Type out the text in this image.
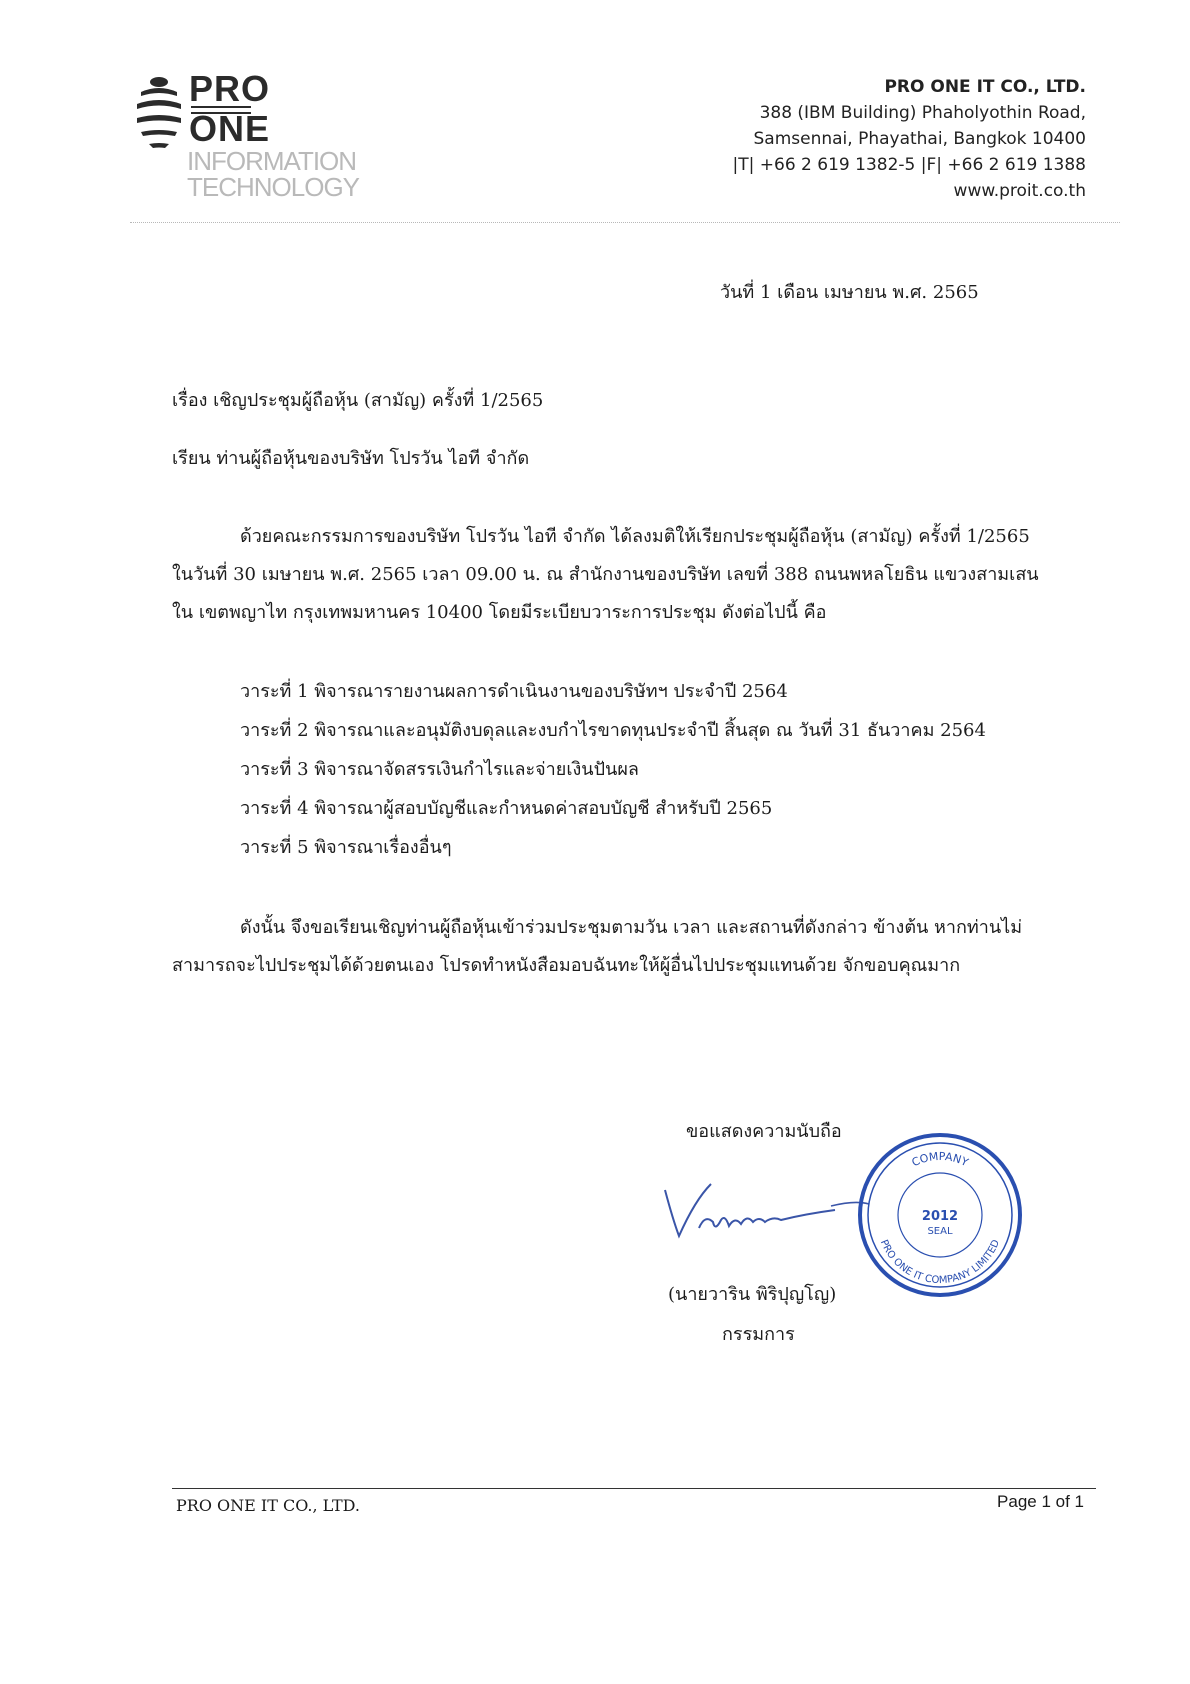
PRO
ONE
INFORMATION
TECHNOLOGY
PRO ONE IT CO., LTD.
388 (IBM Building) Phaholyothin Road,
Samsennai, Phayathai, Bangkok 10400
|T| +66 2 619 1382-5 |F| +66 2 619 1388
www.proit.co.th
วันที่ 1 เดือน เมษายน พ.ศ. 2565
เรื่อง เชิญประชุมผู้ถือหุ้น (สามัญ) ครั้งที่ 1/2565
เรียน ท่านผู้ถือหุ้นของบริษัท โปรวัน ไอที จำกัด
ด้วยคณะกรรมการของบริษัท โปรวัน ไอที จำกัด ได้ลงมติให้เรียกประชุมผู้ถือหุ้น (สามัญ) ครั้งที่ 1/2565
ในวันที่ 30 เมษายน พ.ศ. 2565 เวลา 09.00 น. ณ สำนักงานของบริษัท เลขที่ 388 ถนนพหลโยธิน แขวงสามเสน
ใน เขตพญาไท กรุงเทพมหานคร 10400 โดยมีระเบียบวาระการประชุม ดังต่อไปนี้ คือ
วาระที่ 1 พิจารณารายงานผลการดำเนินงานของบริษัทฯ ประจำปี 2564
วาระที่ 2 พิจารณาและอนุมัติงบดุลและงบกำไรขาดทุนประจำปี สิ้นสุด ณ วันที่ 31 ธันวาคม 2564
วาระที่ 3 พิจารณาจัดสรรเงินกำไรและจ่ายเงินปันผล
วาระที่ 4 พิจารณาผู้สอบบัญชีและกำหนดค่าสอบบัญชี สำหรับปี 2565
วาระที่ 5 พิจารณาเรื่องอื่นๆ
ดังนั้น จึงขอเรียนเชิญท่านผู้ถือหุ้นเข้าร่วมประชุมตามวัน เวลา และสถานที่ดังกล่าว ข้างต้น หากท่านไม่
สามารถจะไปประชุมได้ด้วยตนเอง โปรดทำหนังสือมอบฉันทะให้ผู้อื่นไปประชุมแทนด้วย จักขอบคุณมาก
ขอแสดงความนับถือ
COMPANY
PRO ONE IT COMPANY LIMITED
2012
SEAL
(นายวาริน พิริปุญโญ)
กรรมการ
PRO ONE IT CO., LTD.	Page 1 of 1
